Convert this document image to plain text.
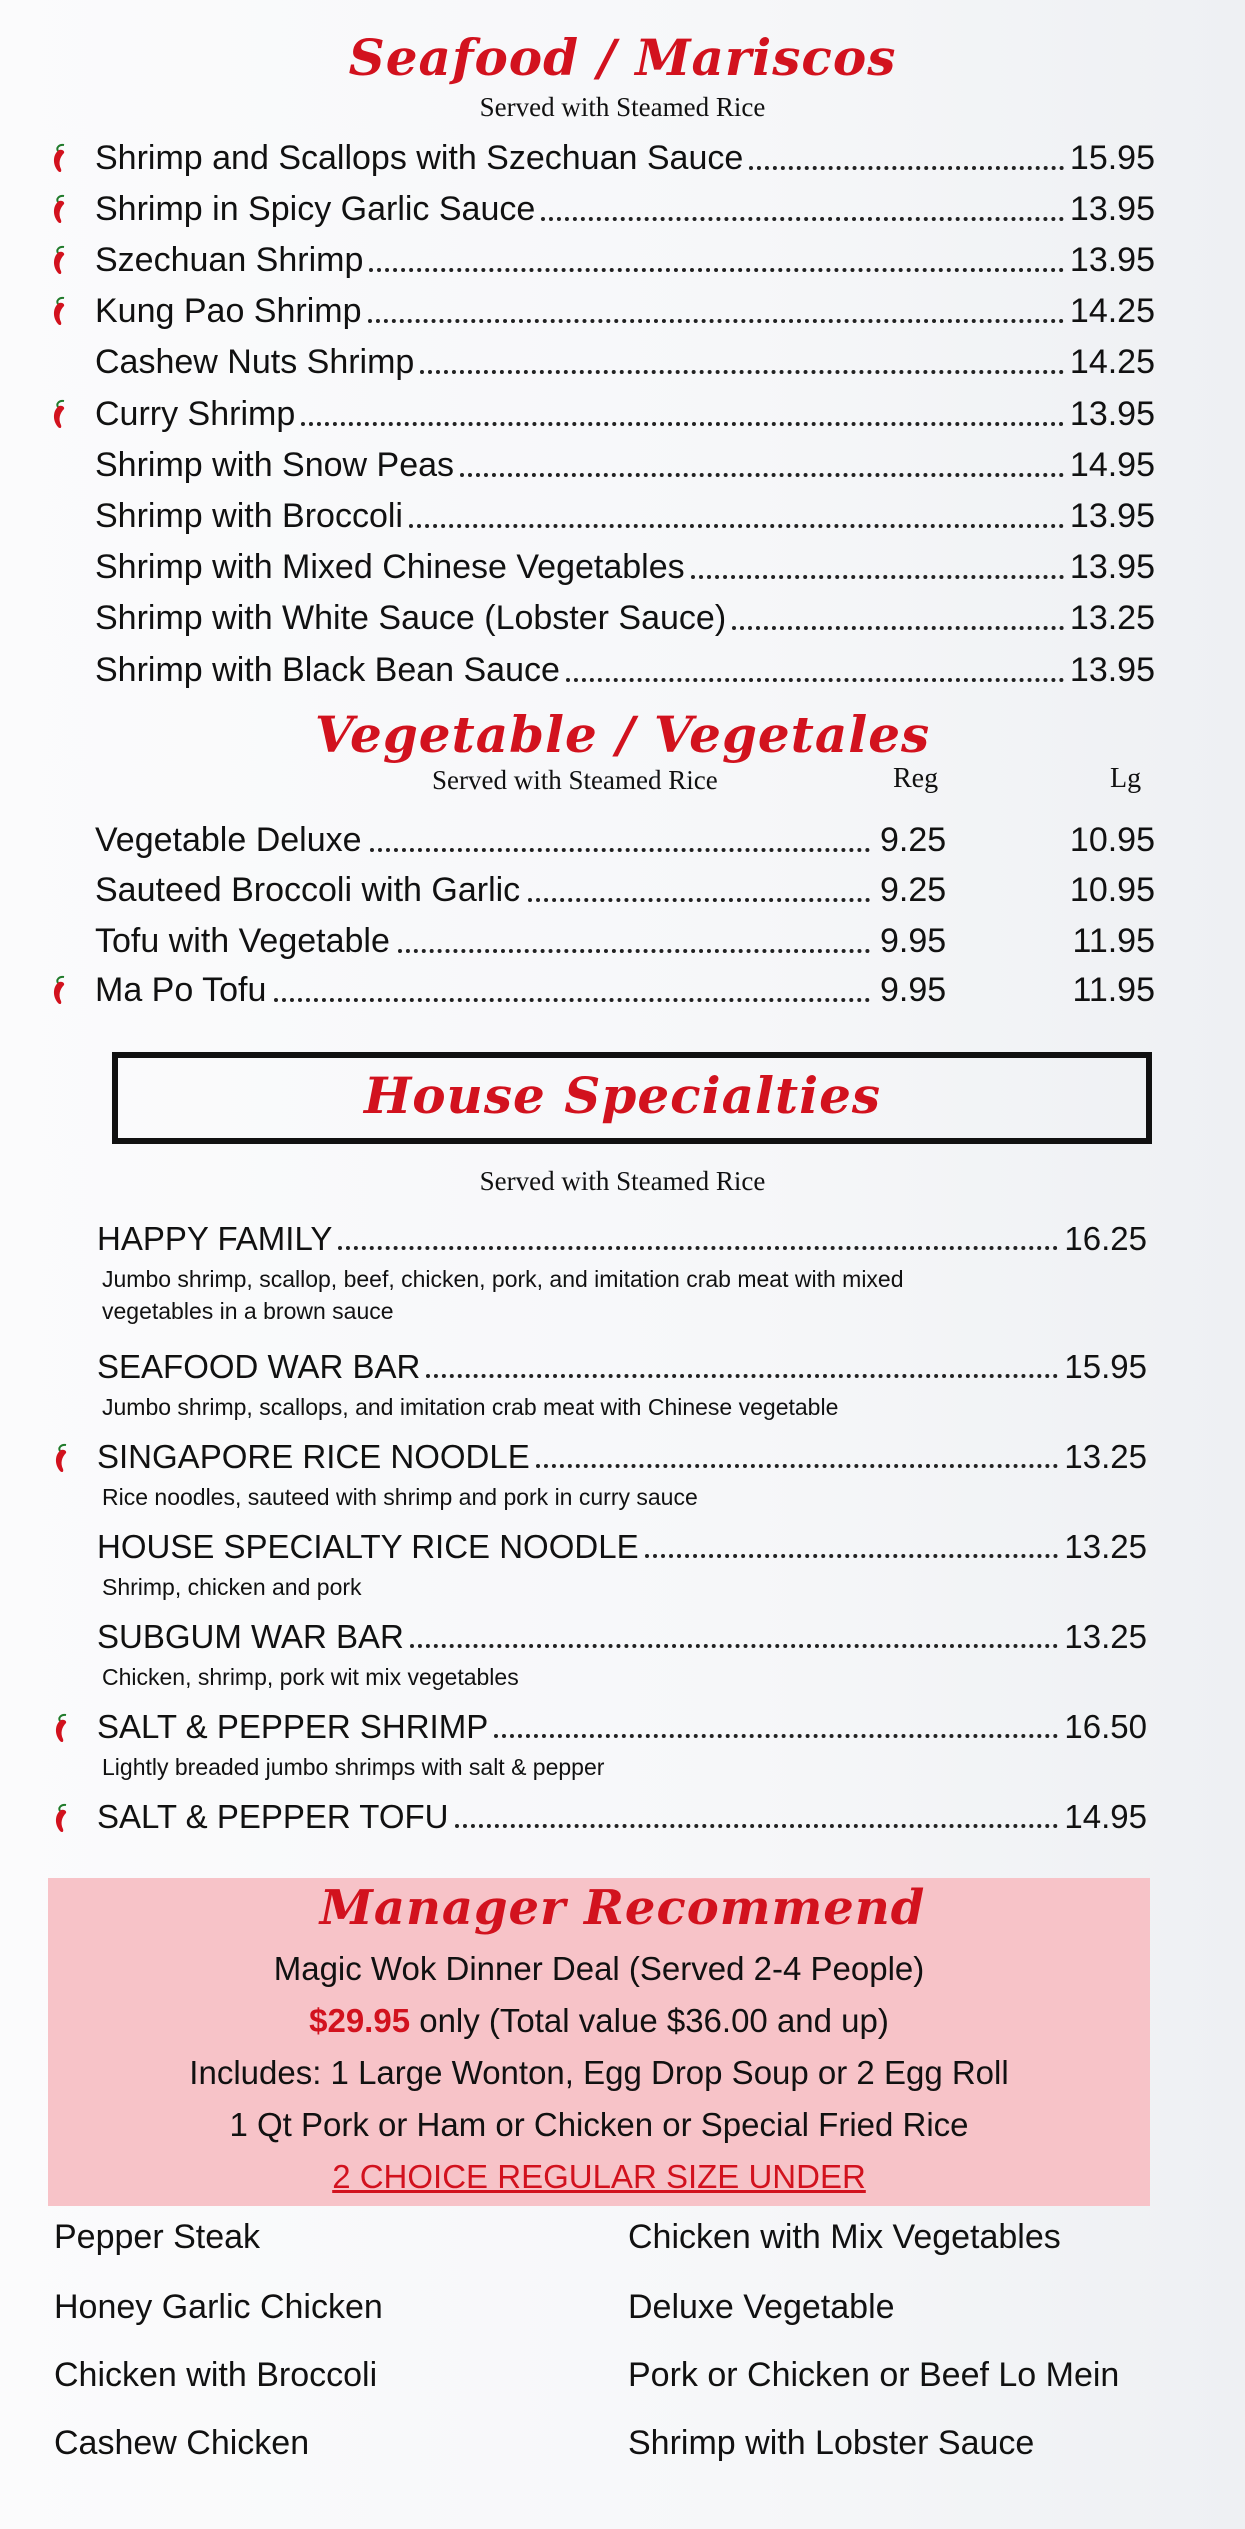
Seafood / Mariscos
Served with Steamed Rice
Vegetable / Vegetales
Served with Steamed Rice	Reg	Lg
House Specialties
Served with Steamed Rice
Manager Recommend
Magic Wok Dinner Deal (Served 2-4 People)
$29.95 only (Total value $36.00 and up)
Includes: 1 Large Wonton, Egg Drop Soup or 2 Egg Roll
1 Qt Pork or Ham or Chicken or Special Fried Rice
2 CHOICE REGULAR SIZE UNDER
Shrimp and Scallops with Szechuan Sauce	15.95
Shrimp in Spicy Garlic Sauce	13.95
Szechuan Shrimp	13.95
Kung Pao Shrimp	14.25
Cashew Nuts Shrimp	14.25
Curry Shrimp	13.95
Shrimp with Snow Peas	14.95
Shrimp with Broccoli	13.95
Shrimp with Mixed Chinese Vegetables	13.95
Shrimp with White Sauce (Lobster Sauce)	13.25
Shrimp with Black Bean Sauce	13.95
Vegetable Deluxe	9.25	10.95
Sauteed Broccoli with Garlic	9.25	10.95
Tofu with Vegetable	9.95	11.95
Ma Po Tofu	9.95	11.95
HAPPY FAMILY	16.25
Jumbo shrimp, scallop, beef, chicken, pork, and imitation crab meat with mixed
vegetables in a brown sauce
SEAFOOD WAR BAR	15.95
Jumbo shrimp, scallops, and imitation crab meat with Chinese vegetable
SINGAPORE RICE NOODLE	13.25
Rice noodles, sauteed with shrimp and pork in curry sauce
HOUSE SPECIALTY RICE NOODLE	13.25
Shrimp, chicken and pork
SUBGUM WAR BAR	13.25
Chicken, shrimp, pork wit mix vegetables
SALT & PEPPER SHRIMP	16.50
Lightly breaded jumbo shrimps with salt & pepper
SALT & PEPPER TOFU	14.95
Pepper Steak
Honey Garlic Chicken
Chicken with Broccoli
Cashew Chicken
Chicken with Mix Vegetables
Deluxe Vegetable
Pork or Chicken or Beef Lo Mein
Shrimp with Lobster Sauce
